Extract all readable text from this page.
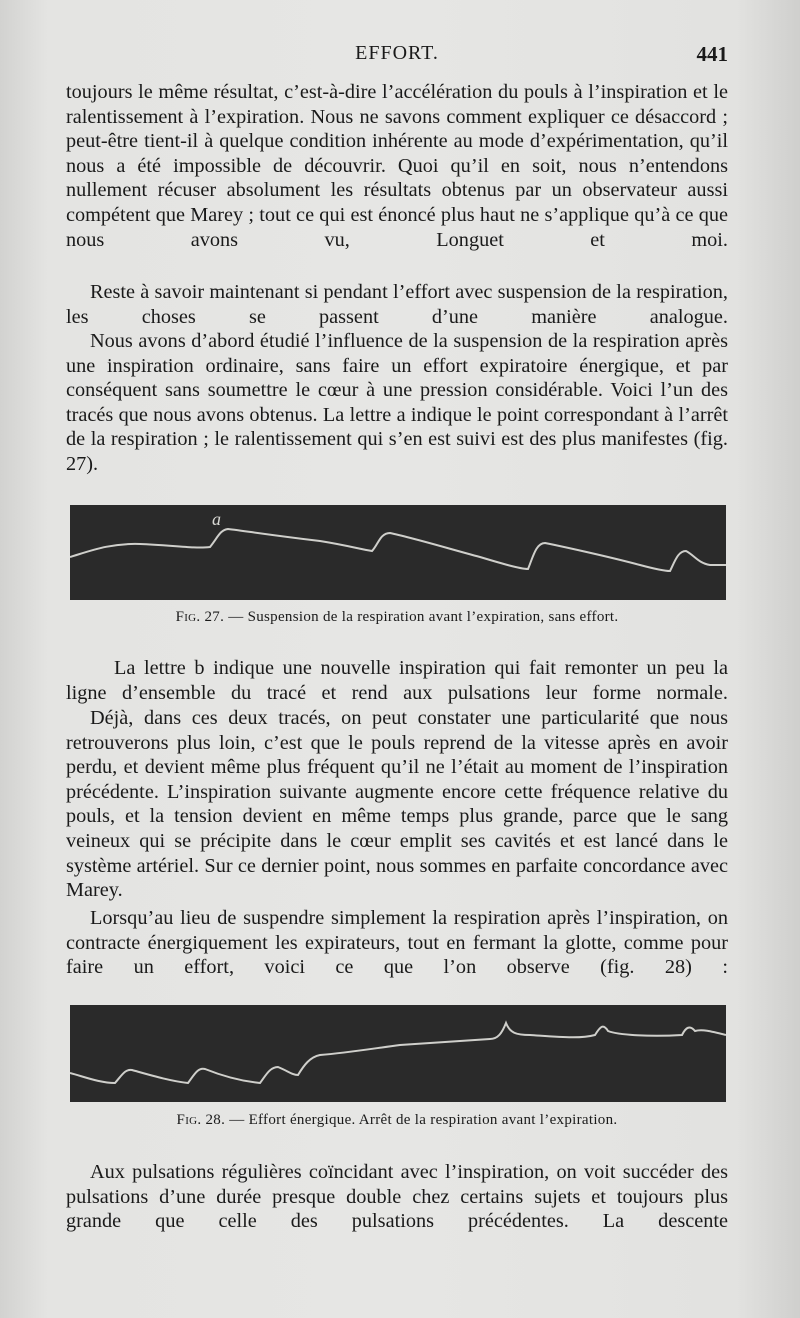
EFFORT.	441

toujours le même résultat, c’est-à-dire l’accélération du pouls à l’inspiration et le ralentissement à l’expiration. Nous ne savons comment expliquer ce désaccord ; peut-être tient-il à quelque condition inhérente au mode d’expérimentation, qu’il nous a été impossible de découvrir. Quoi qu’il en soit, nous n’entendons nullement récuser absolument les résultats obtenus par un observateur aussi compétent que Marey ; tout ce qui est énoncé plus haut ne s’applique qu’à ce que nous avons vu, Longuet et moi.

Reste à savoir maintenant si pendant l’effort avec suspension de la respiration, les choses se passent d’une manière analogue.

Nous avons d’abord étudié l’influence de la suspension de la respiration après une inspiration ordinaire, sans faire un effort expiratoire énergique, et par conséquent sans soumettre le cœur à une pression considérable. Voici l’un des tracés que nous avons obtenus. La lettre a indique le point correspondant à l’arrêt de la respiration ; le ralentissement qui s’en est suivi est des plus manifestes (fig. 27).

a
Fig. 27. — Suspension de la respiration avant l’expiration, sans effort.

La lettre b indique une nouvelle inspiration qui fait remonter un peu la ligne d’ensemble du tracé et rend aux pulsations leur forme normale.

Déjà, dans ces deux tracés, on peut constater une particularité que nous retrouverons plus loin, c’est que le pouls reprend de la vitesse après en avoir perdu, et devient même plus fréquent qu’il ne l’était au moment de l’inspiration précédente. L’inspiration suivante augmente encore cette fréquence relative du pouls, et la tension devient en même temps plus grande, parce que le sang veineux qui se précipite dans le cœur emplit ses cavités et est lancé dans le système artériel. Sur ce dernier point, nous sommes en parfaite concordance avec Marey.

Lorsqu’au lieu de suspendre simplement la respiration après l’inspiration, on contracte énergiquement les expirateurs, tout en fermant la glotte, comme pour faire un effort, voici ce que l’on observe (fig. 28) :

Fig. 28. — Effort énergique. Arrêt de la respiration avant l’expiration.

Aux pulsations régulières coïncidant avec l’inspiration, on voit succéder des pulsations d’une durée presque double chez certains sujets et toujours plus grande que celle des pulsations précédentes. La descente
